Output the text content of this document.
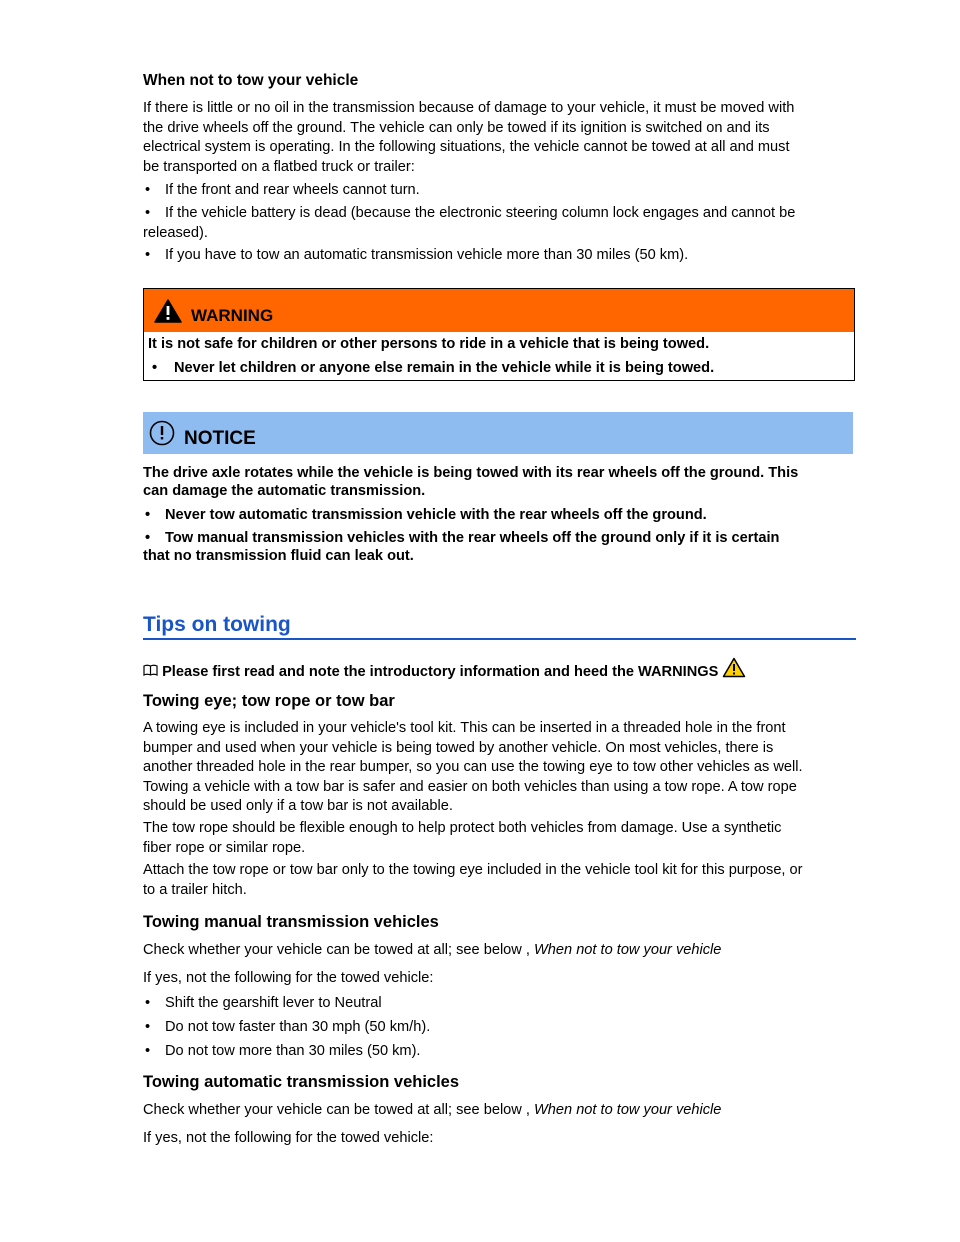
When not to tow your vehicle
If there is little or no oil in the transmission because of damage to your vehicle, it must be moved with
the drive wheels off the ground. The vehicle can only be towed if its ignition is switched on and its
electrical system is operating. In the following situations, the vehicle cannot be towed at all and must
be transported on a flatbed truck or trailer:
• If the front and rear wheels cannot turn.
• If the vehicle battery is dead (because the electronic steering column lock engages and cannot be
released).
• If you have to tow an automatic transmission vehicle more than 30 miles (50 km).
WARNING
It is not safe for children or other persons to ride in a vehicle that is being towed.
• Never let children or anyone else remain in the vehicle while it is being towed.
NOTICE
The drive axle rotates while the vehicle is being towed with its rear wheels off the ground. This
can damage the automatic transmission.
• Never tow automatic transmission vehicle with the rear wheels off the ground.
• Tow manual transmission vehicles with the rear wheels off the ground only if it is certain
that no transmission fluid can leak out.
Tips on towing
Please first read and note the introductory information and heed the WARNINGS
Towing eye; tow rope or tow bar
A towing eye is included in your vehicle's tool kit. This can be inserted in a threaded hole in the front
bumper and used when your vehicle is being towed by another vehicle. On most vehicles, there is
another threaded hole in the rear bumper, so you can use the towing eye to tow other vehicles as well.
Towing a vehicle with a tow bar is safer and easier on both vehicles than using a tow rope. A tow rope
should be used only if a tow bar is not available.
The tow rope should be flexible enough to help protect both vehicles from damage. Use a synthetic
fiber rope or similar rope.
Attach the tow rope or tow bar only to the towing eye included in the vehicle tool kit for this purpose, or
to a trailer hitch.
Towing manual transmission vehicles
Check whether your vehicle can be towed at all; see below , When not to tow your vehicle
If yes, not the following for the towed vehicle:
• Shift the gearshift lever to Neutral
• Do not tow faster than 30 mph (50 km/h).
• Do not tow more than 30 miles (50 km).
Towing automatic transmission vehicles
Check whether your vehicle can be towed at all; see below , When not to tow your vehicle
If yes, not the following for the towed vehicle:
